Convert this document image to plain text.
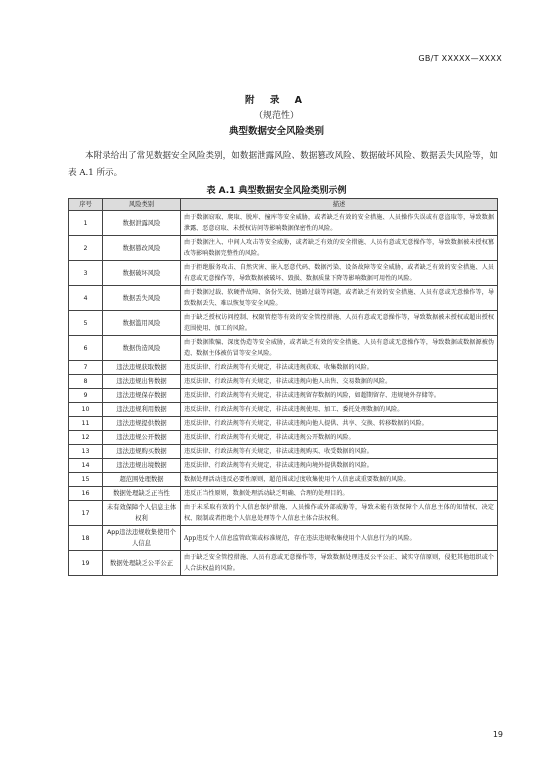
GB/T XXXXX—XXXX
附 录 A
（规范性）
典型数据安全风险类别
本附录给出了常见数据安全风险类别，如数据泄露风险、数据篡改风险、数据破坏风险、数据丢失风险等，如表 A.1 所示。
表 A.1 典型数据安全风险类别示例
序号	风险类别	描述
1	数据泄露风险	由于数据窃取、爬取、脱库、撞库等安全威胁，或者缺乏有效的安全措施、人员操作失误或有意盗取等，导致数据泄露、恶意窃取、未授权访问等影响数据保密性的风险。
2	数据篡改风险	由于数据注入、中间人攻击等安全威胁，或者缺乏有效的安全措施、人员有意或无意操作等，导致数据被未授权篡改等影响数据完整性的风险。
3	数据破坏风险	由于拒绝服务攻击、自然灾害、嵌入恶意代码、数据污染、设备故障等安全威胁，或者缺乏有效的安全措施、人员有意或无意操作等，导致数据被破坏、毁损、数据质量下降等影响数据可用性的风险。
4	数据丢失风险	由于数据过载、软硬件故障、备份失效、链路过载等问题，或者缺乏有效的安全措施、人员有意或无意操作等，导致数据丢失、难以恢复等安全风险。
5	数据滥用风险	由于缺乏授权访问控制、权限管控等有效的安全管控措施、人员有意或无意操作等，导致数据被未授权或超出授权范围使用、加工的风险。
6	数据伪造风险	由于数据欺骗、深度伪造等安全威胁，或者缺乏有效的安全措施、人员有意或无意操作等，导致数据或数据源被伪造、数据主体被仿冒等安全风险。
7	违法违规获取数据	违反法律、行政法规等有关规定，非法或违规获取、收集数据的风险。
8	违法违规出售数据	违反法律、行政法规等有关规定，非法或违规向他人出售、交易数据的风险。
9	违法违规保存数据	违反法律、行政法规等有关规定，非法或违规留存数据的风险，如超期留存、违规境外存储等。
10	违法违规利用数据	违反法律、行政法规等有关规定，非法或违规使用、加工、委托处理数据的风险。
11	违法违规提供数据	违反法律、行政法规等有关规定，非法或违规向他人提供、共享、交换、转移数据的风险。
12	违法违规公开数据	违反法律、行政法规等有关规定，非法或违规公开数据的风险。
13	违法违规购买数据	违反法律、行政法规等有关规定，非法或违规购买、收受数据的风险。
14	违法违规出境数据	违反法律、行政法规等有关规定，非法或违规向境外提供数据的风险。
15	超范围处理数据	数据处理活动违反必要性原则，超范围或过度收集使用个人信息或重要数据的风险。
16	数据处理缺乏正当性	违反正当性原则，数据处理活动缺乏明确、合理的处理目的。
17	未有效保障个人信息主体权利	由于未采取有效的个人信息保护措施、人员操作或外部威胁等，导致未能有效保障个人信息主体的知情权、决定权、限制或者拒绝个人信息处理等个人信息主体合法权利。
18	App违法违规收集使用个人信息	App违反个人信息监管政策或标准规范，存在违法违规收集使用个人信息行为的风险。
19	数据处理缺乏公平公正	由于缺乏安全管控措施、人员有意或无意操作等，导致数据处理违反公平公正、诚实守信原则，侵犯其他组织或个人合法权益的风险。
19
